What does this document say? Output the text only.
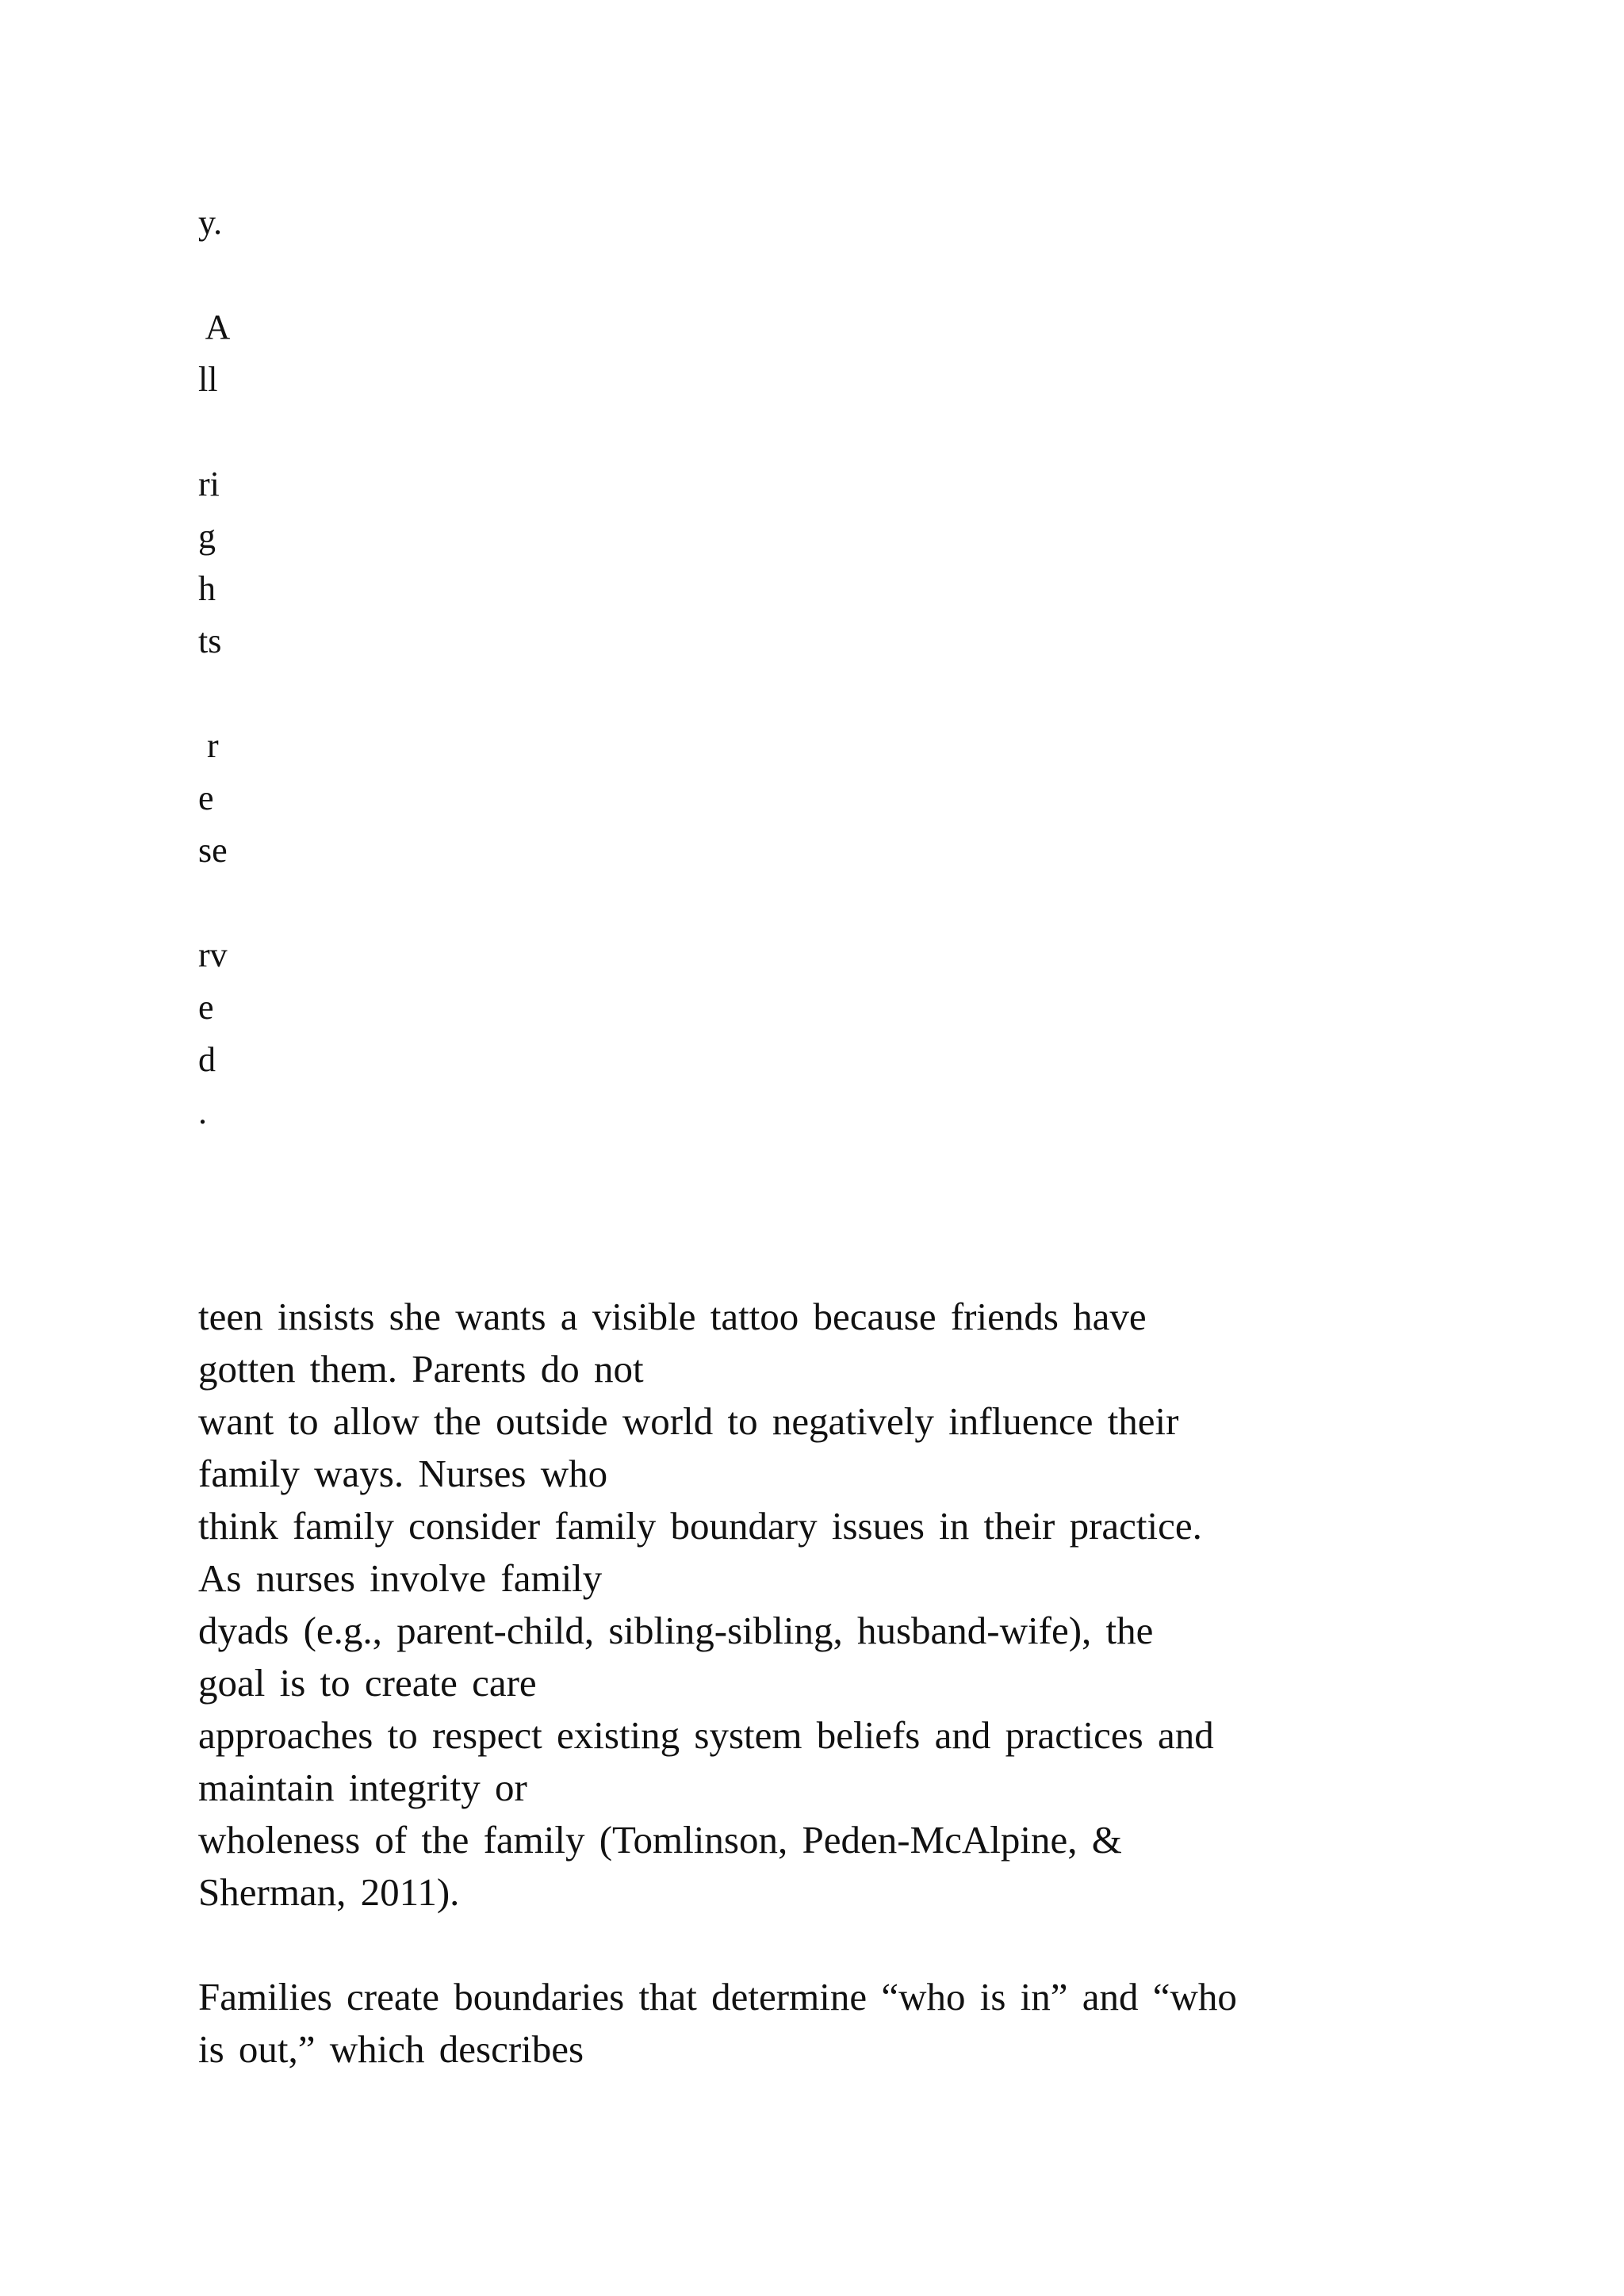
y.
A
ll
ri
g
h
ts
r
e
se
rv
e
d
.
teen insists she wants a visible tattoo because friends have
gotten them. Parents do not
want to allow the outside world to negatively influence their
family ways. Nurses who
think family consider family boundary issues in their practice.
As nurses involve family
dyads (e.g., parent-child, sibling-sibling, husband-wife), the
goal is to create care
approaches to respect existing system beliefs and practices and
maintain integrity or
wholeness of the family (Tomlinson, Peden-McAlpine, &
Sherman, 2011).
Families create boundaries that determine “who is in” and “who
is out,” which describes
